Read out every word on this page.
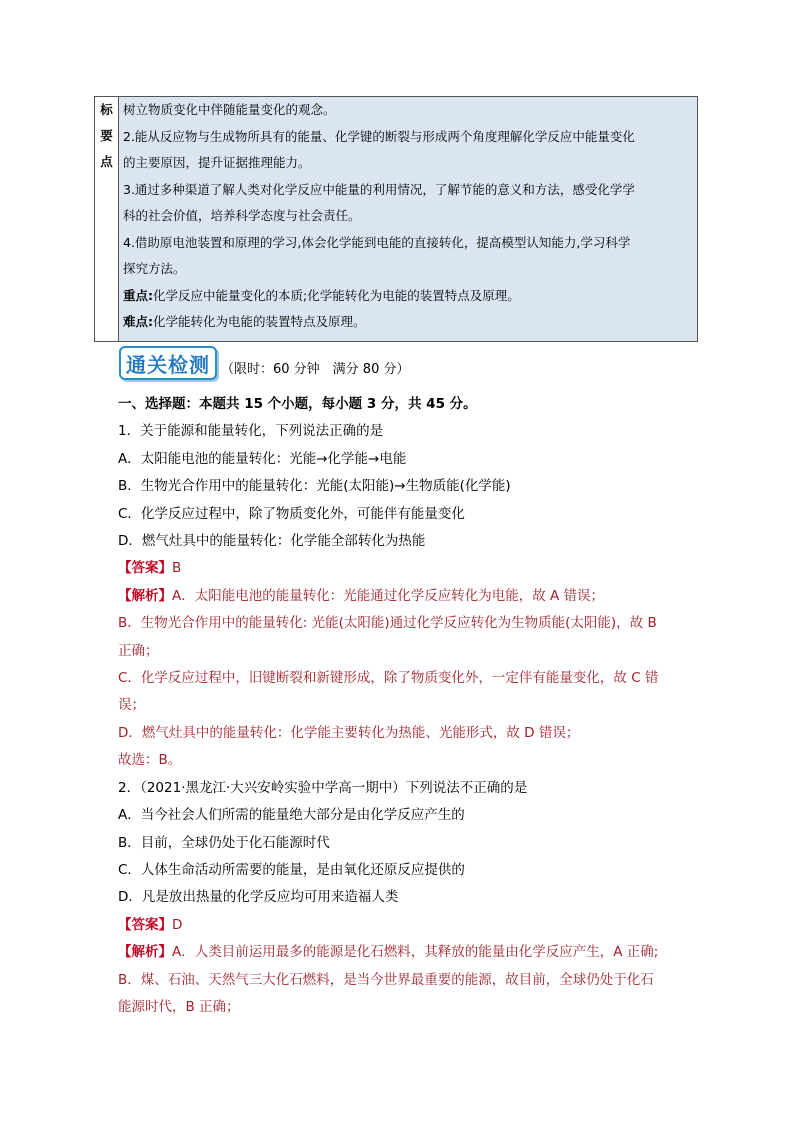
标
要
点
树立物质变化中伴随能量变化的观念。
2.能从反应物与生成物所具有的能量、化学键的断裂与形成两个角度理解化学反应中能量变化
的主要原因，提升证据推理能力。
3.通过多种渠道了解人类对化学反应中能量的利用情况，了解节能的意义和方法，感受化学学
科的社会价值，培养科学态度与社会责任。
4.借助原电池装置和原理的学习,体会化学能到电能的直接转化，提高模型认知能力,学习科学
探究方法。
重点:化学反应中能量变化的本质;化学能转化为电能的装置特点及原理。
难点:化学能转化为电能的装置特点及原理。
通关检测 （限时：60 分钟　满分 80 分）
一、选择题：本题共 15 个小题，每小题 3 分，共 45 分。
1．关于能源和能量转化，下列说法正确的是
A．太阳能电池的能量转化：光能→化学能→电能
B．生物光合作用中的能量转化：光能(太阳能)→生物质能(化学能)
C．化学反应过程中，除了物质变化外，可能伴有能量变化
D．燃气灶具中的能量转化：化学能全部转化为热能
【答案】B
【解析】A．太阳能电池的能量转化：光能通过化学反应转化为电能，故 A 错误；
B．生物光合作用中的能量转化: 光能(太阳能)通过化学反应转化为生物质能(太阳能)，故 B
正确；
C．化学反应过程中，旧键断裂和新键形成，除了物质变化外，一定伴有能量变化，故 C 错
误；
D．燃气灶具中的能量转化：化学能主要转化为热能、光能形式，故 D 错误；
故选：B。
2．（2021·黑龙江·大兴安岭实验中学高一期中）下列说法不正确的是
A．当今社会人们所需的能量绝大部分是由化学反应产生的
B．目前，全球仍处于化石能源时代
C．人体生命活动所需要的能量，是由氧化还原反应提供的
D．凡是放出热量的化学反应均可用来造福人类
【答案】D
【解析】A．人类目前运用最多的能源是化石燃料，其释放的能量由化学反应产生，A 正确;
B．煤、石油、天然气三大化石燃料，是当今世界最重要的能源，故目前，全球仍处于化石
能源时代，B 正确；
